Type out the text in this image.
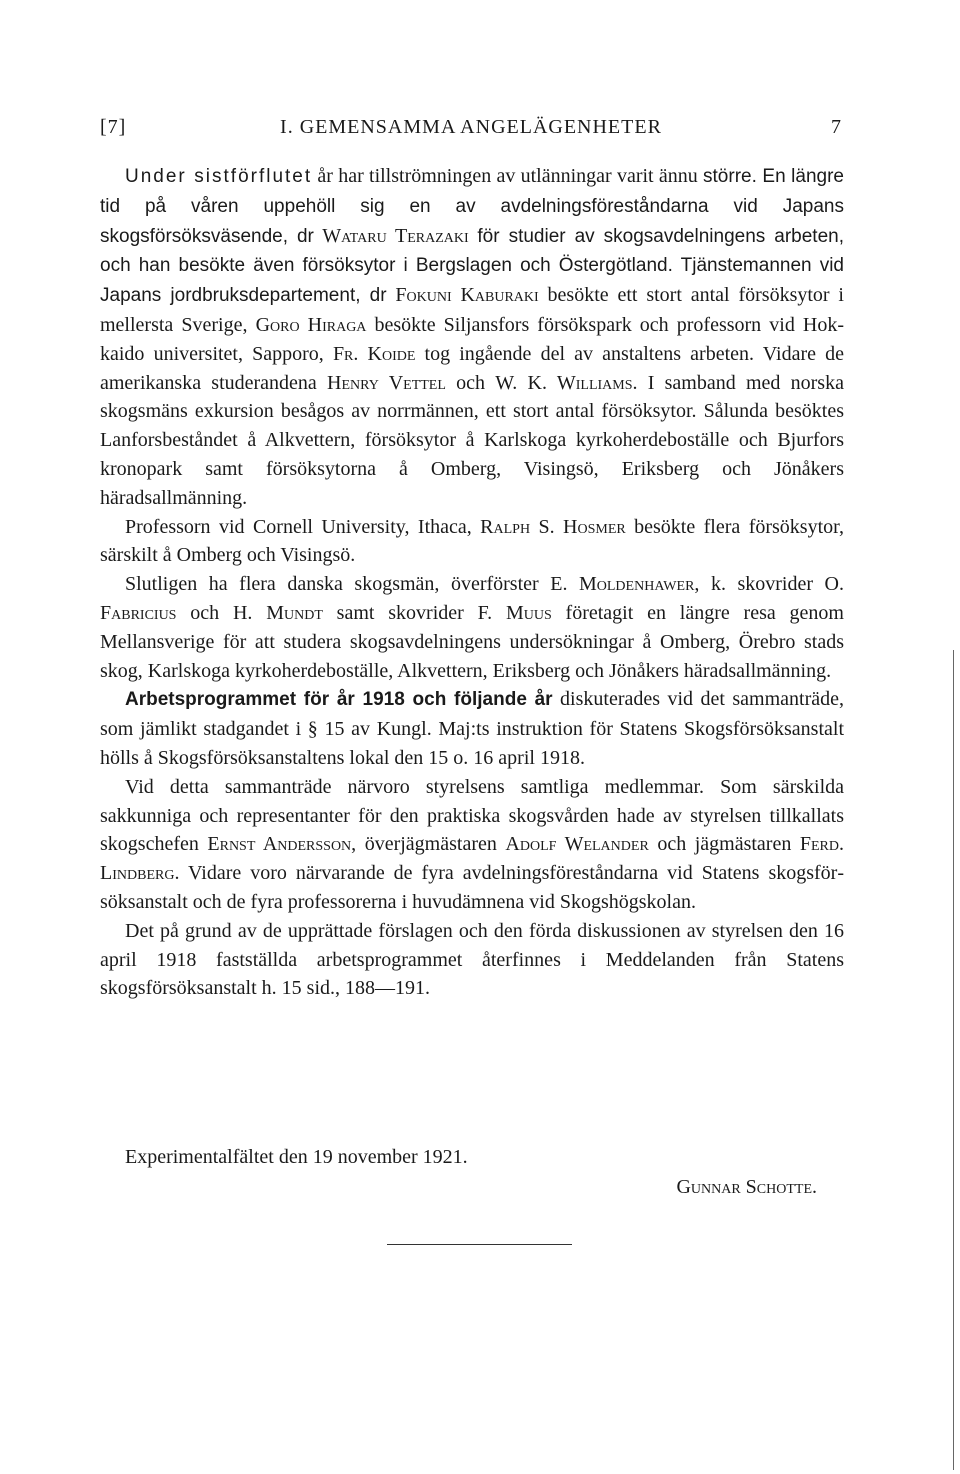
[7]	I. GEMENSAMMA ANGELÄGENHETER	7

Under sistförflutet år har tillströmningen av utlänningar varit ännu större. En längre tid på våren uppehöll sig en av avdelningsföreståndarna vid Japans skogsförsöksväsende, dr Wataru Terazaki för studier av skogsavdelningens arbeten, och han besökte även försöksytor i Bergslagen och Östergötland. Tjänstemannen vid Japans jordbruksdepartement, dr Fokuni Kaburaki besökte ett stort antal försöksytor i mellersta Sverige, Goro Hiraga besökte Siljansfors försökspark och professorn vid Hokkaido universitet, Sapporo, Fr. Koide tog ingående del av anstaltens arbeten. Vidare de amerikanska studerandena Henry Vettel och W. K. Williams. I samband med norska skogsmäns exkursion besågos av norrmännen, ett stort antal försöksytor. Sålunda besöktes Lanforsbeståndet å Alkvettern, försöksytor å Karlskoga kyrkoherdeboställe och Bjurfors kronopark samt försöksytorna å Omberg, Visingsö, Eriksberg och Jönåkers häradsallmänning.

Professorn vid Cornell University, Ithaca, Ralph S. Hosmer besökte flera försöksytor, särskilt å Omberg och Visingsö.

Slutligen ha flera danska skogsmän, överförster E. Moldenhawer, k. skovrider O. Fabricius och H. Mundt samt skovrider F. Muus företagit en längre resa genom Mellansverige för att studera skogsavdelningens undersökningar å Omberg, Örebro stads skog, Karlskoga kyrkoherdeboställe, Alkvettern, Eriksberg och Jönåkers häradsallmänning.

Arbetsprogrammet för år 1918 och följande år diskuterades vid det sammanträde, som jämlikt stadgandet i § 15 av Kungl. Maj:ts instruktion för Statens Skogsförsöksanstalt hölls å Skogsförsöksanstaltens lokal den 15 o. 16 april 1918.

Vid detta sammanträde närvoro styrelsens samtliga medlemmar. Som särskilda sakkunniga och representanter för den praktiska skogsvården hade av styrelsen tillkallats skogschefen Ernst Andersson, överjägmästaren Adolf Welander och jägmästaren Ferd. Lindberg. Vidare voro närvarande de fyra avdelningsföreståndarna vid Statens skogsförsöksanstalt och de fyra professorerna i huvudämnena vid Skogshögskolan.

Det på grund av de upprättade förslagen och den förda diskussionen av styrelsen den 16 april 1918 fastställda arbetsprogrammet återfinnes i Meddelanden från Statens skogsförsöksanstalt h. 15 sid., 188—191.

Experimentalfältet den 19 november 1921.
Gunnar Schotte.
